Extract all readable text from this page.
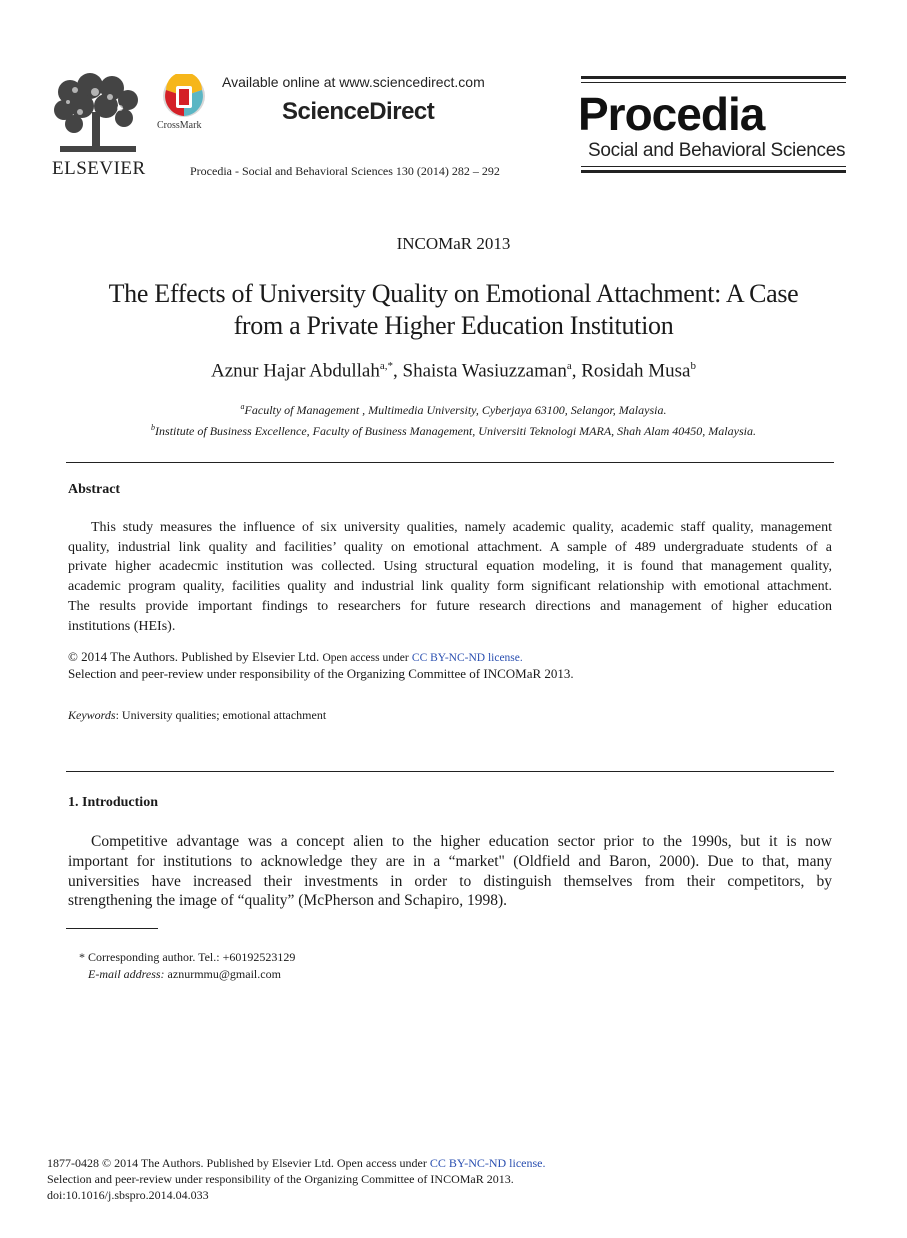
ELSEVIER
CrossMark
Available online at www.sciencedirect.com
ScienceDirect
Procedia - Social and Behavioral Sciences 130 (2014) 282 – 292
Procedia
Social and Behavioral Sciences
INCOMaR 2013
The Effects of University Quality on Emotional Attachment: A Case
from a Private Higher Education Institution
Aznur Hajar Abdullah$^{a,*}$, Shaista Wasiuzzaman$^a$, Rosidah Musa$^b$
$^a$Faculty of Management , Multimedia University, Cyberjaya 63100, Selangor, Malaysia.
$^b$Institute of Business Excellence, Faculty of Business Management, Universiti Teknologi MARA, Shah Alam 40450, Malaysia.
Abstract
This study measures the influence of six university qualities, namely academic quality, academic staff quality, management
quality, industrial link quality and facilities’ quality on emotional attachment. A sample of 489 undergraduate students of a
private higher acadecmic institution was collected. Using structural equation modeling, it is found that management quality,
academic program quality, facilities quality and industrial link quality form significant relationship with emotional attachment.
The results provide important findings to researchers for future research directions and management of higher education
institutions (HEIs).
© 2014 The Authors. Published by Elsevier Ltd. Open access under CC BY-NC-ND license.
Selection and peer-review under responsibility of the Organizing Committee of INCOMaR 2013.
Keywords: University qualities; emotional attachment
1. Introduction
Competitive advantage was a concept alien to the higher education sector prior to the 1990s, but it is now
important for institutions to acknowledge they are in a “market" (Oldfield and Baron, 2000). Due to that, many
universities have increased their investments in order to distinguish themselves from their competitors, by
strengthening the image of “quality” (McPherson and Schapiro, 1998).
* Corresponding author. Tel.: +60192523129
E-mail address: aznurmmu@gmail.com
1877-0428 © 2014 The Authors. Published by Elsevier Ltd. Open access under CC BY-NC-ND license.
Selection and peer-review under responsibility of the Organizing Committee of INCOMaR 2013.
doi:10.1016/j.sbspro.2014.04.033
